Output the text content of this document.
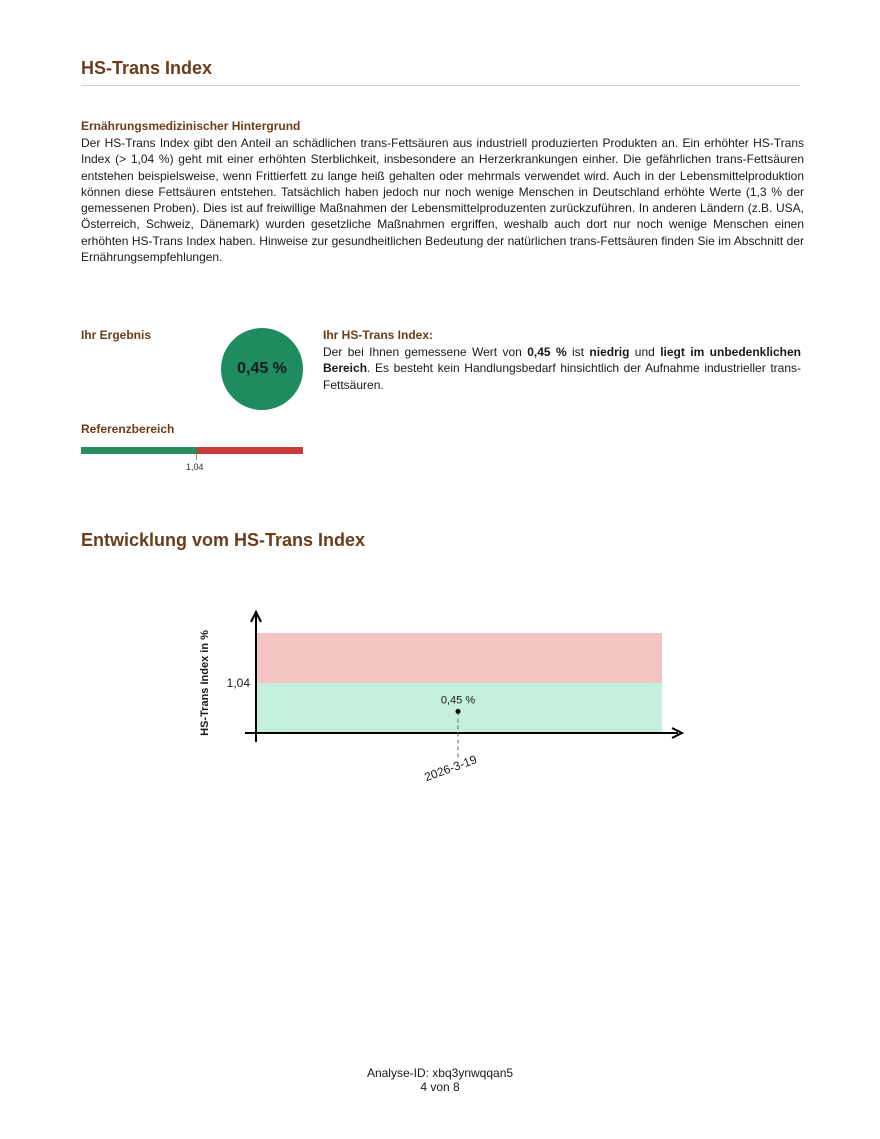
HS-Trans Index
Ernährungsmedizinischer Hintergrund

Der HS-Trans Index gibt den Anteil an schädlichen trans-Fettsäuren aus industriell produzierten Produkten an. Ein erhöhter HS-Trans Index (> 1,04 %) geht mit einer erhöhten Sterblichkeit, insbesondere an Herzerkrankungen einher. Die gefährlichen trans-Fettsäuren entstehen beispielsweise, wenn Frittierfett zu lange heiß gehalten oder mehrmals verwendet wird. Auch in der Lebensmittelproduktion können diese Fettsäuren entstehen. Tatsächlich haben jedoch nur noch wenige Menschen in Deutschland erhöhte Werte (1,3 % der gemessenen Proben). Dies ist auf freiwillige Maßnahmen der Lebensmittelproduzenten zurückzuführen. In anderen Ländern (z.B. USA, Österreich, Schweiz, Dänemark) wurden gesetzliche Maßnahmen ergriffen, weshalb auch dort nur noch wenige Menschen einen erhöhten HS-Trans Index haben. Hinweise zur gesundheitlichen Bedeutung der natürlichen trans-Fettsäuren finden Sie im Abschnitt der Ernährungsempfehlungen.

Ihr Ergebnis
0,45 %
Referenzbereich
1,04
Ihr HS-Trans Index:

Der bei Ihnen gemessene Wert von 0,45 % ist niedrig und liegt im unbedenklichen Bereich. Es besteht kein Handlungsbedarf hinsichtlich der Aufnahme industrieller trans-Fettsäuren.

Entwicklung vom HS-Trans Index
1,04
HS-Trans Index in %	0,45 %
2026-3-19
Analyse-ID: xbq3ynwqqan5
4 von 8
